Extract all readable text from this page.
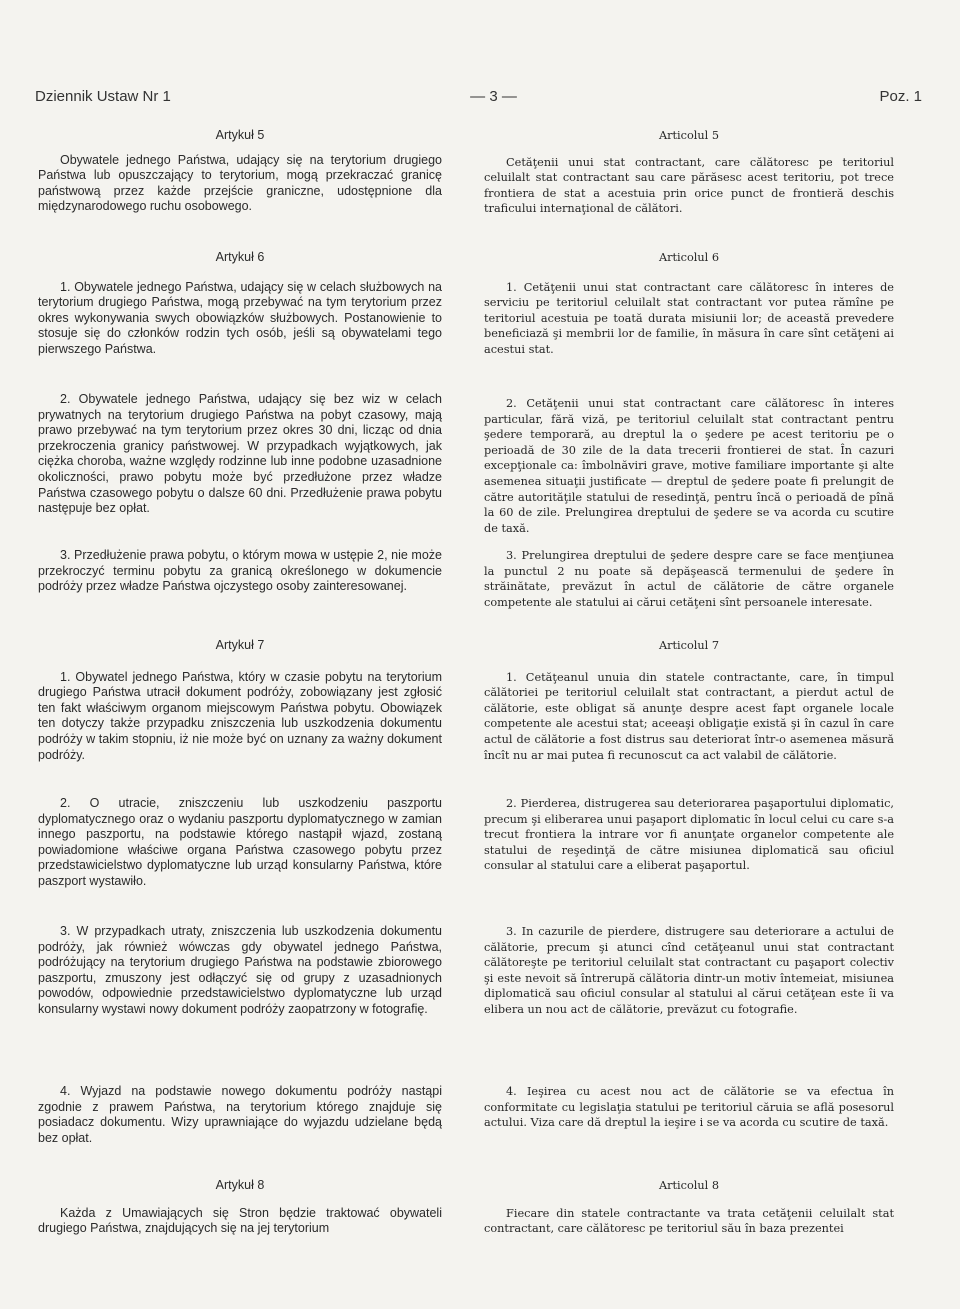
Dziennik Ustaw Nr 1	— 3 —	Poz. 1

Artykuł 5

Obywatele jednego Państwa, udający się na terytorium drugiego Państwa lub opuszczający to terytorium, mogą przekraczać granicę państwową przez każde przejście graniczne, udostępnione dla międzynarodowego ruchu osobowego.

Artykuł 6

1. Obywatele jednego Państwa, udający się w celach służbowych na terytorium drugiego Państwa, mogą przebywać na tym terytorium przez okres wykonywania swych obowiązków służbowych. Postanowienie to stosuje się do członków rodzin tych osób, jeśli są obywatelami tego pierwszego Państwa.

2. Obywatele jednego Państwa, udający się bez wiz w celach prywatnych na terytorium drugiego Państwa na pobyt czasowy, mają prawo przebywać na tym terytorium przez okres 30 dni, licząc od dnia przekroczenia granicy państwowej. W przypadkach wyjątkowych, jak ciężka choroba, ważne względy rodzinne lub inne podobne uzasadnione okoliczności, prawo pobytu może być przedłużone przez władze Państwa czasowego pobytu o dalsze 60 dni. Przedłużenie prawa pobytu następuje bez opłat.

3. Przedłużenie prawa pobytu, o którym mowa w ustępie 2, nie może przekroczyć terminu pobytu za granicą określonego w dokumencie podróży przez władze Państwa ojczystego osoby zainteresowanej.

Artykuł 7

1. Obywatel jednego Państwa, który w czasie pobytu na terytorium drugiego Państwa utracił dokument podróży, zobowiązany jest zgłosić ten fakt właściwym organom miejscowym Państwa pobytu. Obowiązek ten dotyczy także przypadku zniszczenia lub uszkodzenia dokumentu podróży w takim stopniu, iż nie może być on uznany za ważny dokument podróży.

2. O utracie, zniszczeniu lub uszkodzeniu paszportu dyplomatycznego oraz o wydaniu paszportu dyplomatycznego w zamian innego paszportu, na podstawie którego nastąpił wjazd, zostaną powiadomione właściwe organa Państwa czasowego pobytu przez przedstawicielstwo dyplomatyczne lub urząd konsularny Państwa, które paszport wystawiło.

3. W przypadkach utraty, zniszczenia lub uszkodzenia dokumentu podróży, jak również wówczas gdy obywatel jednego Państwa, podróżujący na terytorium drugiego Państwa na podstawie zbiorowego paszportu, zmuszony jest odłączyć się od grupy z uzasadnionych powodów, odpowiednie przedstawicielstwo dyplomatyczne lub urząd konsularny wystawi nowy dokument podróży zaopatrzony w fotografię.

4. Wyjazd na podstawie nowego dokumentu podróży nastąpi zgodnie z prawem Państwa, na terytorium którego znajduje się posiadacz dokumentu. Wizy uprawniające do wyjazdu udzielane będą bez opłat.

Artykuł 8

Każda z Umawiających się Stron będzie traktować obywateli drugiego Państwa, znajdujących się na jej terytorium

Articolul 5

Cetăţenii unui stat contractant, care călătoresc pe teritoriul celuilalt stat contractant sau care părăsesc acest teritoriu, pot trece frontiera de stat a acestuia prin orice punct de frontieră deschis traficului internaţional de călători.

Articolul 6

1. Cetăţenii unui stat contractant care călătoresc în interes de serviciu pe teritoriul celuilalt stat contractant vor putea rămîne pe teritoriul acestuia pe toată durata misiunii lor; de această prevedere beneficiază şi membrii lor de familie, în măsura în care sînt cetăţeni ai acestui stat.

2. Cetăţenii unui stat contractant care călătoresc în interes particular, fără viză, pe teritoriul celuilalt stat contractant pentru şedere temporară, au dreptul la o şedere pe acest teritoriu pe o perioadă de 30 zile de la data trecerii frontierei de stat. În cazuri excepţionale ca: îmbolnăviri grave, motive familiare importante şi alte asemenea situaţii justificate — dreptul de şedere poate fi prelungit de către autorităţile statului de resedinţă, pentru încă o perioadă de pînă la 60 de zile. Prelungirea dreptului de şedere se va acorda cu scutire de taxă.

3. Prelungirea dreptului de şedere despre care se face menţiunea la punctul 2 nu poate să depăşească termenului de şedere în străinătate, prevăzut în actul de călătorie de către organele competente ale statului ai cărui cetăţeni sînt persoanele interesate.

Articolul 7

1. Cetăţeanul unuia din statele contractante, care, în timpul călătoriei pe teritoriul celuilalt stat contractant, a pierdut actul de călătorie, este obligat să anunţe despre acest fapt organele locale competente ale acestui stat; aceeaşi obligaţie există şi în cazul în care actul de călătorie a fost distrus sau deteriorat într-o asemenea măsură încît nu ar mai putea fi recunoscut ca act valabil de călătorie.

2. Pierderea, distrugerea sau deteriorarea paşaportului diplomatic, precum şi eliberarea unui paşaport diplomatic în locul celui cu care s-a trecut frontiera la intrare vor fi anunţate organelor competente ale statului de reşedinţă de către misiunea diplomatică sau oficiul consular al statului care a eliberat paşaportul.

3. In cazurile de pierdere, distrugere sau deteriorare a actului de călătorie, precum şi atunci cînd cetăţeanul unui stat contractant călătoreşte pe teritoriul celuilalt stat contractant cu paşaport colectiv şi este nevoit să întrerupă călătoria dintr-un motiv întemeiat, misiunea diplomatică sau oficiul consular al statului al cărui cetăţean este îi va elibera un nou act de călătorie, prevăzut cu fotografie.

4. Ieşirea cu acest nou act de călătorie se va efectua în conformitate cu legislaţia statului pe teritoriul căruia se află posesorul actului. Viza care dă dreptul la ieşire i se va acorda cu scutire de taxă.

Articolul 8

Fiecare din statele contractante va trata cetăţenii celuilalt stat contractant, care călătoresc pe teritoriul său în baza prezentei
